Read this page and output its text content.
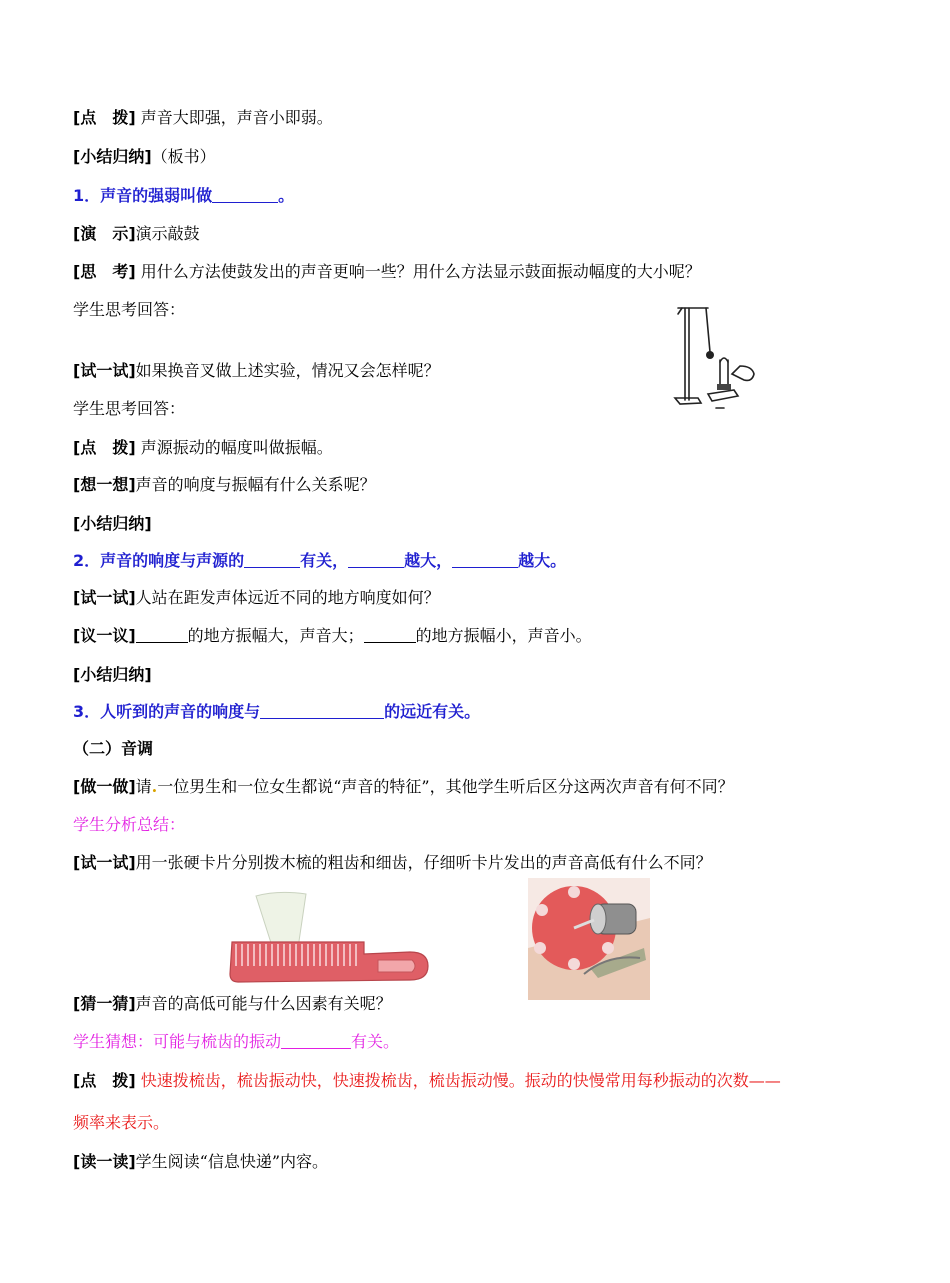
[点　拨] 声音大即强，声音小即弱。
[小结归纳]（板书）
1．声音的强弱叫做	。
[演　示]演示敲鼓
[思　考] 用什么方法使鼓发出的声音更响一些？用什么方法显示鼓面振动幅度的大小呢？
学生思考回答：
[试一试]如果换音叉做上述实验，情况又会怎样呢？
学生思考回答：
[点　拨] 声源振动的幅度叫做振幅。
[想一想]声音的响度与振幅有什么关系呢？
[小结归纳]
2．声音的响度与声源的	有关，	越大，	越大。
[试一试]人站在距发声体远近不同的地方响度如何？
[议一议]	的地方振幅大，声音大；	的地方振幅小，声音小。
[小结归纳]
3．人听到的声音的响度与	的远近有关。
（二）音调
[做一做]请.一位男生和一位女生都说“声音的特征”，其他学生听后区分这两次声音有何不同？
学生分析总结：
[试一试]用一张硬卡片分别拨木梳的粗齿和细齿，仔细听卡片发出的声音高低有什么不同？
[猜一猜]声音的高低可能与什么因素有关呢？
学生猜想：可能与梳齿的振动	有关。
[点　拨] 快速拨梳齿，梳齿振动快，快速拨梳齿，梳齿振动慢。振动的快慢常用每秒振动的次数——
频率来表示。
[读一读]学生阅读“信息快递”内容。
